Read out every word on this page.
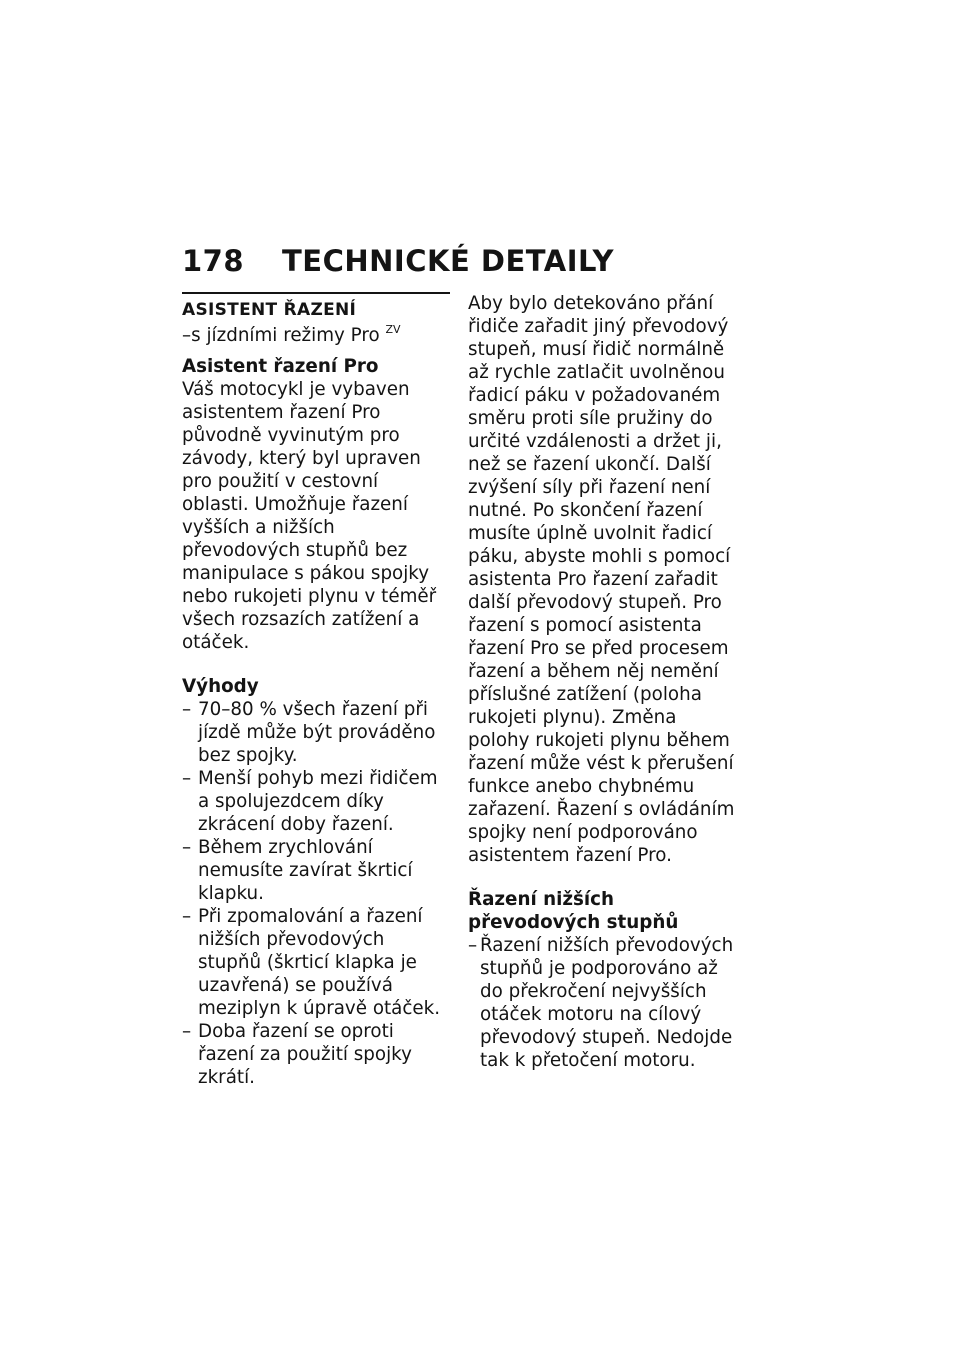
178	TECHNICKÉ DETAILY
ASISTENT ŘAZENÍ
–s jízdními režimy Pro $^{ZV}$
Asistent řazení Pro

Váš motocykl je vybaven asistentem řazení Pro původně vyvinutým pro závody, který byl upraven pro použití v cestovní oblasti. Umožňuje řazení vyšších a nižších převodových stupňů bez manipulace s pákou spojky nebo rukojeti plynu v téměř všech rozsazích zatížení a otáček.

Výhody
– 70–80 % všech řazení při jízdě může být prováděno bez spojky.
– Menší pohyb mezi řidičem a spolujezdcem díky zkrácení doby řazení.
– Během zrychlování nemusíte zavírat škrticí klapku.
– Při zpomalování a řazení nižších převodových stupňů (škrticí klapka je uzavřená) se používá meziplyn k úpravě otáček.
– Doba řazení se oproti řazení za použití spojky zkrátí.

Aby bylo detekováno přání řidiče zařadit jiný převodový stupeň, musí řidič normálně až rychle zatlačit uvolněnou řadicí páku v požadovaném směru proti síle pružiny do určité vzdálenosti a držet ji, než se řazení ukončí. Další zvýšení síly při řazení není nutné. Po skončení řazení musíte úplně uvolnit řadicí páku, abyste mohli s pomocí asistenta Pro řazení zařadit další převodový stupeň. Pro řazení s pomocí asistenta řazení Pro se před procesem řazení a během něj nemění příslušné zatížení (poloha rukojeti plynu). Změna polohy rukojeti plynu během řazení může vést k přerušení funkce anebo chybnému zařazení. Řazení s ovládáním spojky není podporováno asistentem řazení Pro.

Řazení nižších převodových stupňů
– Řazení nižších převodových stupňů je podporováno až do překročení nejvyšších otáček motoru na cílový převodový stupeň. Nedojde tak k přetočení motoru.
